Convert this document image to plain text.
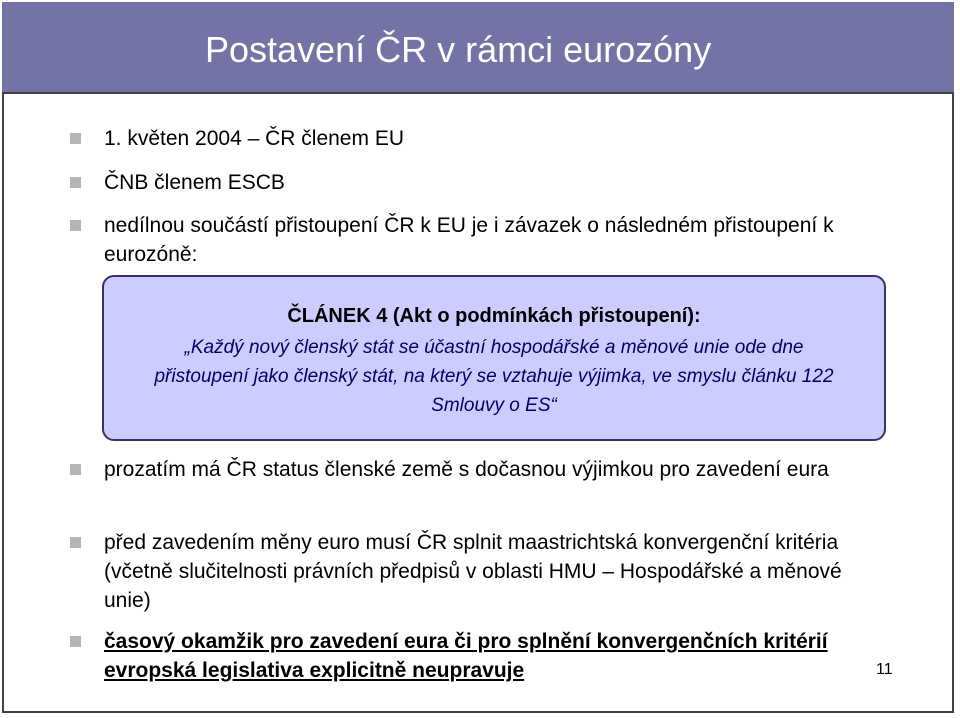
Postavení ČR v rámci eurozóny
1. květen 2004 – ČR členem EU
ČNB členem ESCB
nedílnou součástí přistoupení ČR k EU je i závazek o následném přistoupení k eurozóně:
ČLÁNEK 4 (Akt o podmínkách přistoupení):
„Každý nový členský stát se účastní hospodářské a měnové unie ode dne přistoupení jako členský stát, na který se vztahuje výjimka, ve smyslu článku 122 Smlouvy o ES“
prozatím má ČR status členské země s dočasnou výjimkou pro zavedení eura
před zavedením měny euro musí ČR splnit maastrichtská konvergenční kritéria (včetně slučitelnosti právních předpisů v oblasti HMU – Hospodářské a měnové unie)
časový okamžik pro zavedení eura či pro splnění konvergenčních kritérií evropská legislativa explicitně neupravuje	11
